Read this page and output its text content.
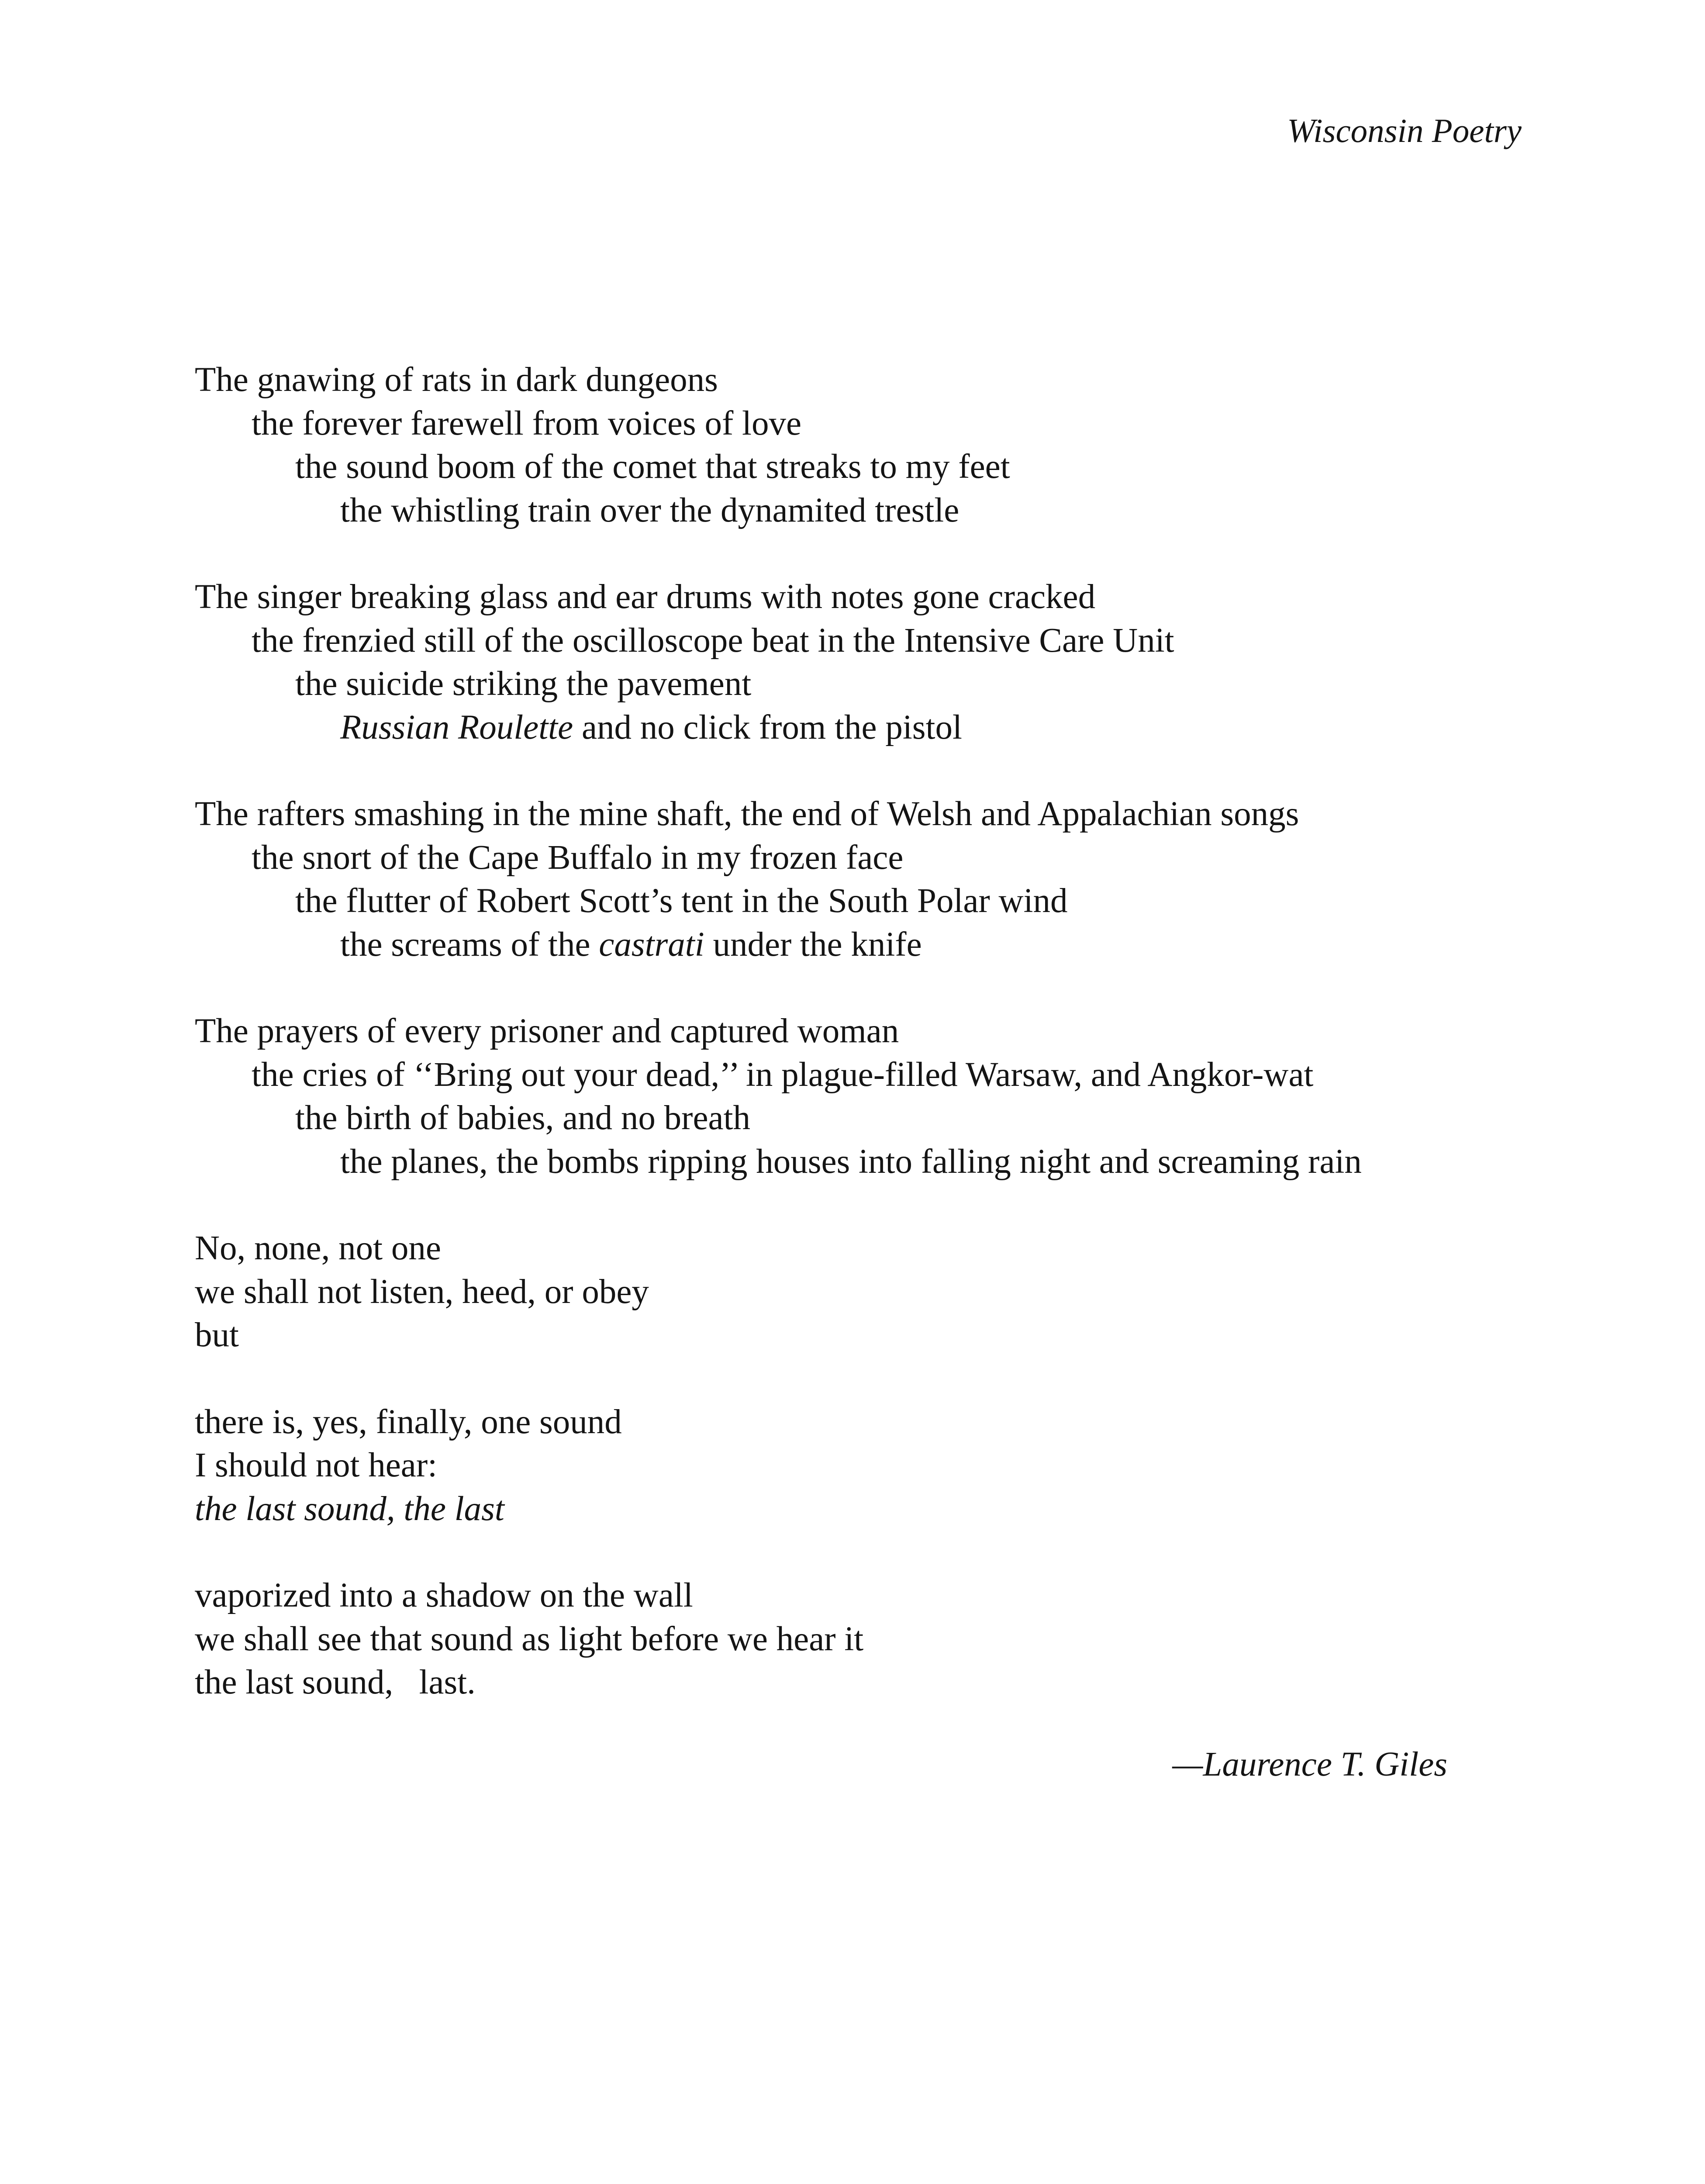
Wisconsin Poetry
The gnawing of rats in dark dungeons
the forever farewell from voices of love
the sound boom of the comet that streaks to my feet
the whistling train over the dynamited trestle
The singer breaking glass and ear drums with notes gone cracked
the frenzied still of the oscilloscope beat in the Intensive Care Unit
the suicide striking the pavement
Russian Roulette and no click from the pistol
The rafters smashing in the mine shaft, the end of Welsh and Appalachian songs
the snort of the Cape Buffalo in my frozen face
the flutter of Robert Scott’s tent in the South Polar wind
the screams of the castrati under the knife
The prayers of every prisoner and captured woman
the cries of ‘‘Bring out your dead,’’ in plague-filled Warsaw, and Angkor-wat
the birth of babies, and no breath
the planes, the bombs ripping houses into falling night and screaming rain
No, none, not one
we shall not listen, heed, or obey
but
there is, yes, finally, one sound
I should not hear:
the last sound, the last
vaporized into a shadow on the wall
we shall see that sound as light before we hear it
the last sound,   last.
—Laurence T. Giles
